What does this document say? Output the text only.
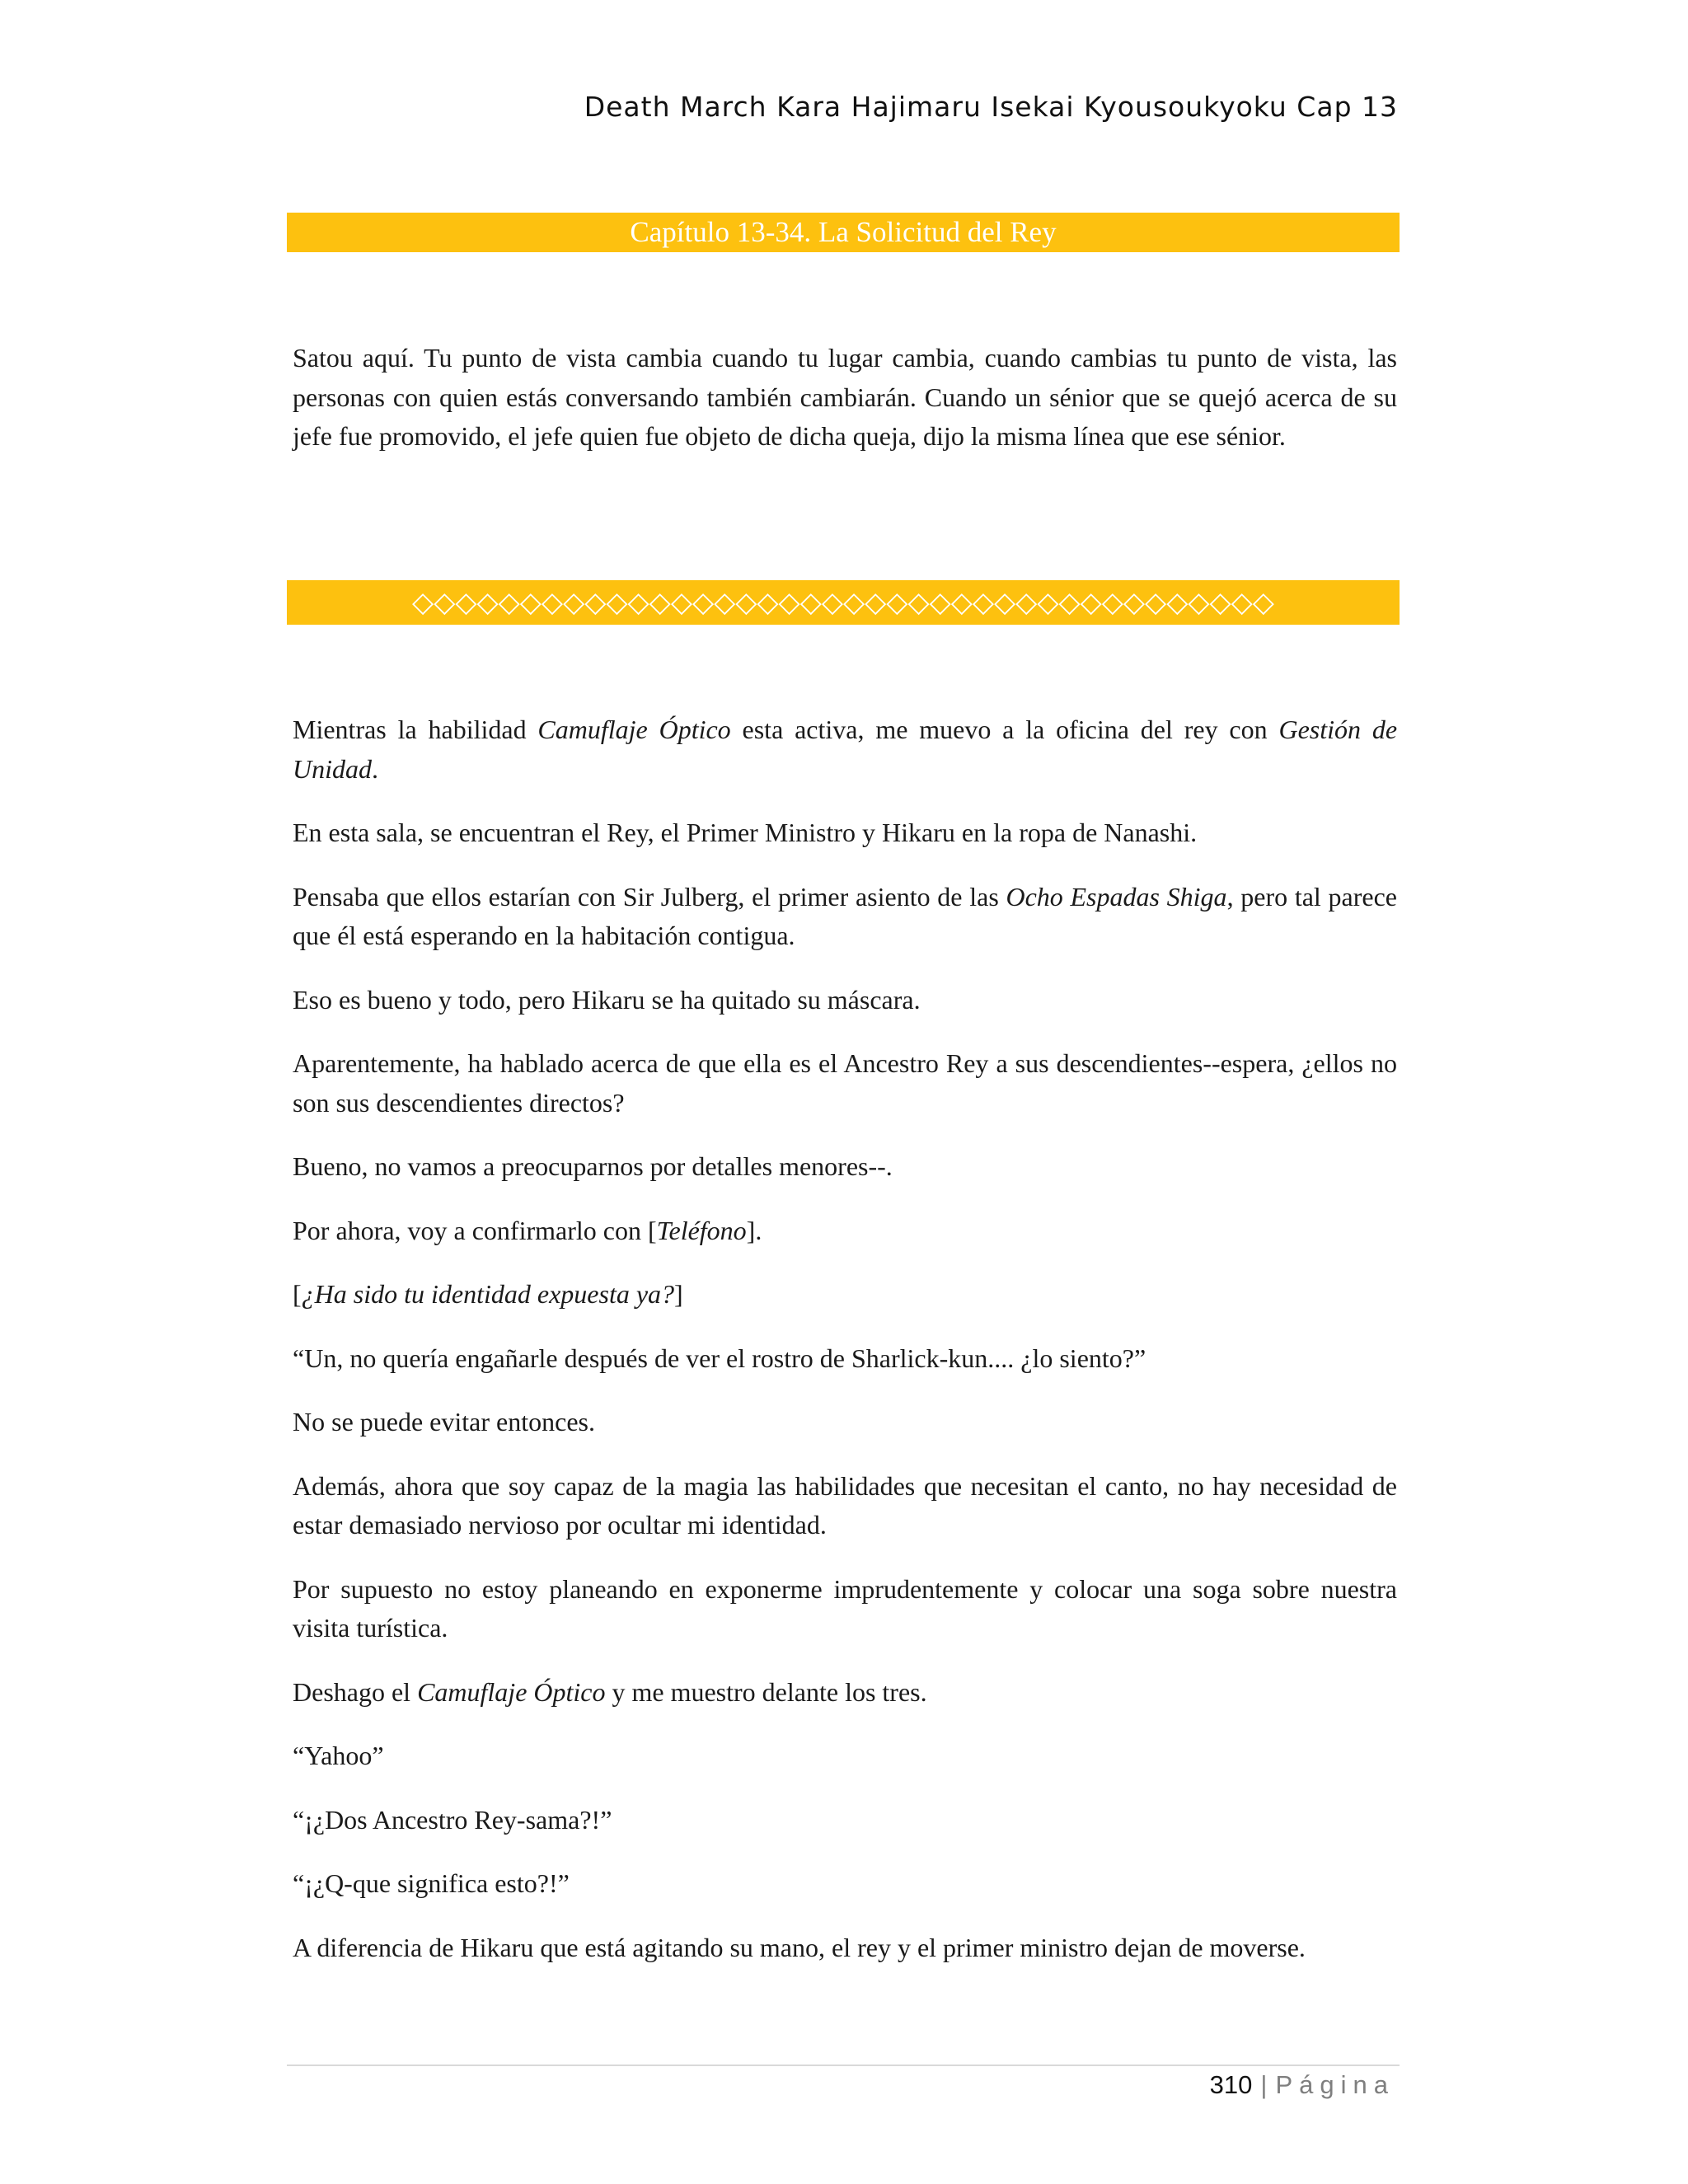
Death March Kara Hajimaru Isekai Kyousoukyoku Cap 13
Capítulo 13-34. La Solicitud del Rey

Satou aquí. Tu punto de vista cambia cuando tu lugar cambia, cuando cambias tu punto de vista, las personas con quien estás conversando también cambiarán. Cuando un sénior que se quejó acerca de su jefe fue promovido, el jefe quien fue objeto de dicha queja, dijo la misma línea que ese sénior.

◇◇◇◇◇◇◇◇◇◇◇◇◇◇◇◇◇◇◇◇◇◇◇◇◇◇◇◇◇◇◇◇◇◇◇◇◇◇◇◇

Mientras la habilidad Camuflaje Óptico esta activa, me muevo a la oficina del rey con Gestión de Unidad.

En esta sala, se encuentran el Rey, el Primer Ministro y Hikaru en la ropa de Nanashi.

Pensaba que ellos estarían con Sir Julberg, el primer asiento de las Ocho Espadas Shiga, pero tal parece que él está esperando en la habitación contigua.

Eso es bueno y todo, pero Hikaru se ha quitado su máscara.

Aparentemente, ha hablado acerca de que ella es el Ancestro Rey a sus descendientes--espera, ¿ellos no son sus descendientes directos?

Bueno, no vamos a preocuparnos por detalles menores--.

Por ahora, voy a confirmarlo con [Teléfono].

[¿Ha sido tu identidad expuesta ya?]

“Un, no quería engañarle después de ver el rostro de Sharlick-kun.... ¿lo siento?”

No se puede evitar entonces.

Además, ahora que soy capaz de la magia las habilidades que necesitan el canto, no hay necesidad de estar demasiado nervioso por ocultar mi identidad.

Por supuesto no estoy planeando en exponerme imprudentemente y colocar una soga sobre nuestra visita turística.

Deshago el Camuflaje Óptico y me muestro delante los tres.

“Yahoo”

“¡¿Dos Ancestro Rey-sama?!”

“¡¿Q-que significa esto?!”

A diferencia de Hikaru que está agitando su mano, el rey y el primer ministro dejan de moverse.

310 | Página
